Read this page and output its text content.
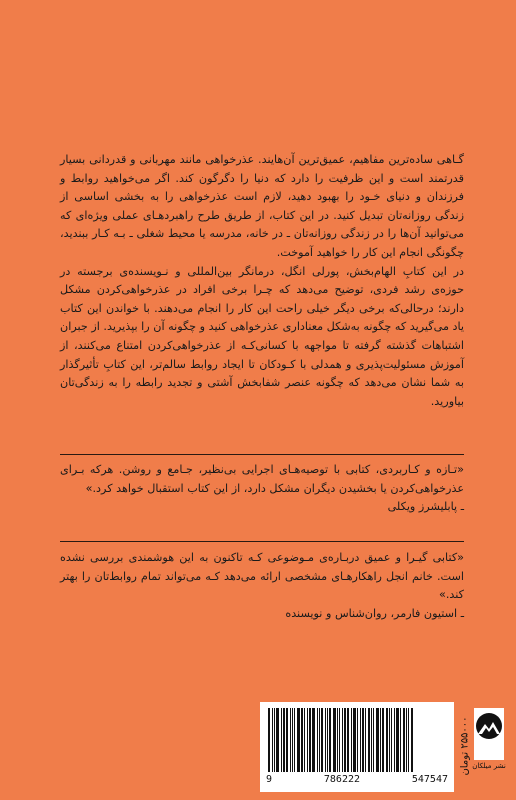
گـاهی ساده‌ترین مفاهیم، عمیق‌ترین آن‌هایند. عذرخواهی مانند مهربانی و قدردانی بسیار قدرتمند است و این ظرفیت را دارد که دنیا را دگرگون کند. اگر می‌خواهید روابط و فرزندان و دنیای خـود را بهبود دهید، لازم است عذرخواهی را به بخشی اساسی از زندگی روزانه‌تان تبدیل کنید. در این کتاب، از طریق طرح راهبردهـای عملی ویژه‌ای که می‌توانید آن‌ها را در زندگی روزانه‌تان ـ در خانه، مدرسه یا محیط شغلی ـ بـه کـار ببندید، چگونگی انجام این کار را خواهید آموخت.

در این کتابِ الهام‌بخش، پورلی انگل، درمانگر بین‌المللی و نـویسنده‌ی برجسته در حوزه‌ی رشد فردی، توضیح می‌دهد که چـرا برخی افراد در عذرخواهی‌کردن مشکل دارند؛ درحالی‌که برخی دیگر خیلی راحت این کار را انجام می‌دهند. با خواندن این کتاب یاد می‌گیرید که چگونه به‌شکل معناداری عذرخواهی کنید و چگونه آن را بپذیرید. از جبران اشتباهات گذشته گرفته تا مواجهه با کسانی‌کـه از عذرخواهی‌کردن امتناع می‌کنند، از آموزش مسئولیت‌پذیری و همدلی با کـودکان تا ایجاد روابط سالم‌تر، این کتابِ تأثیرگذار به شما نشان می‌دهد که چگونه عنصر شفابخش آشتی و تجدید رابطه را به زندگی‌تان بیاورید.

«تـازه و کـاربردی، کتابی با توصیه‌هـای اجرایی بی‌نظیر، جـامع و روشن. هرکه بـرای عذرخواهی‌کردن یا بخشیدن دیگران مشکل دارد، از این کتاب استقبال خواهد کرد.»

ـ پابلیشرز ویکلی

«کتابی گیـرا و عمیق دربـاره‌ی مـوضوعی کـه تاکنون به این هوشمندی بررسی نشده است. خانم انجل راهکارهـای مشخصی ارائه می‌دهد کـه می‌تواند تمام روابط‌تان را بهتر کند.»

ـ استیون فارمر، روان‌شناس و نویسنده

9	786222	547547
۲۵۵۰۰۰ تومان
نشر میلکان
